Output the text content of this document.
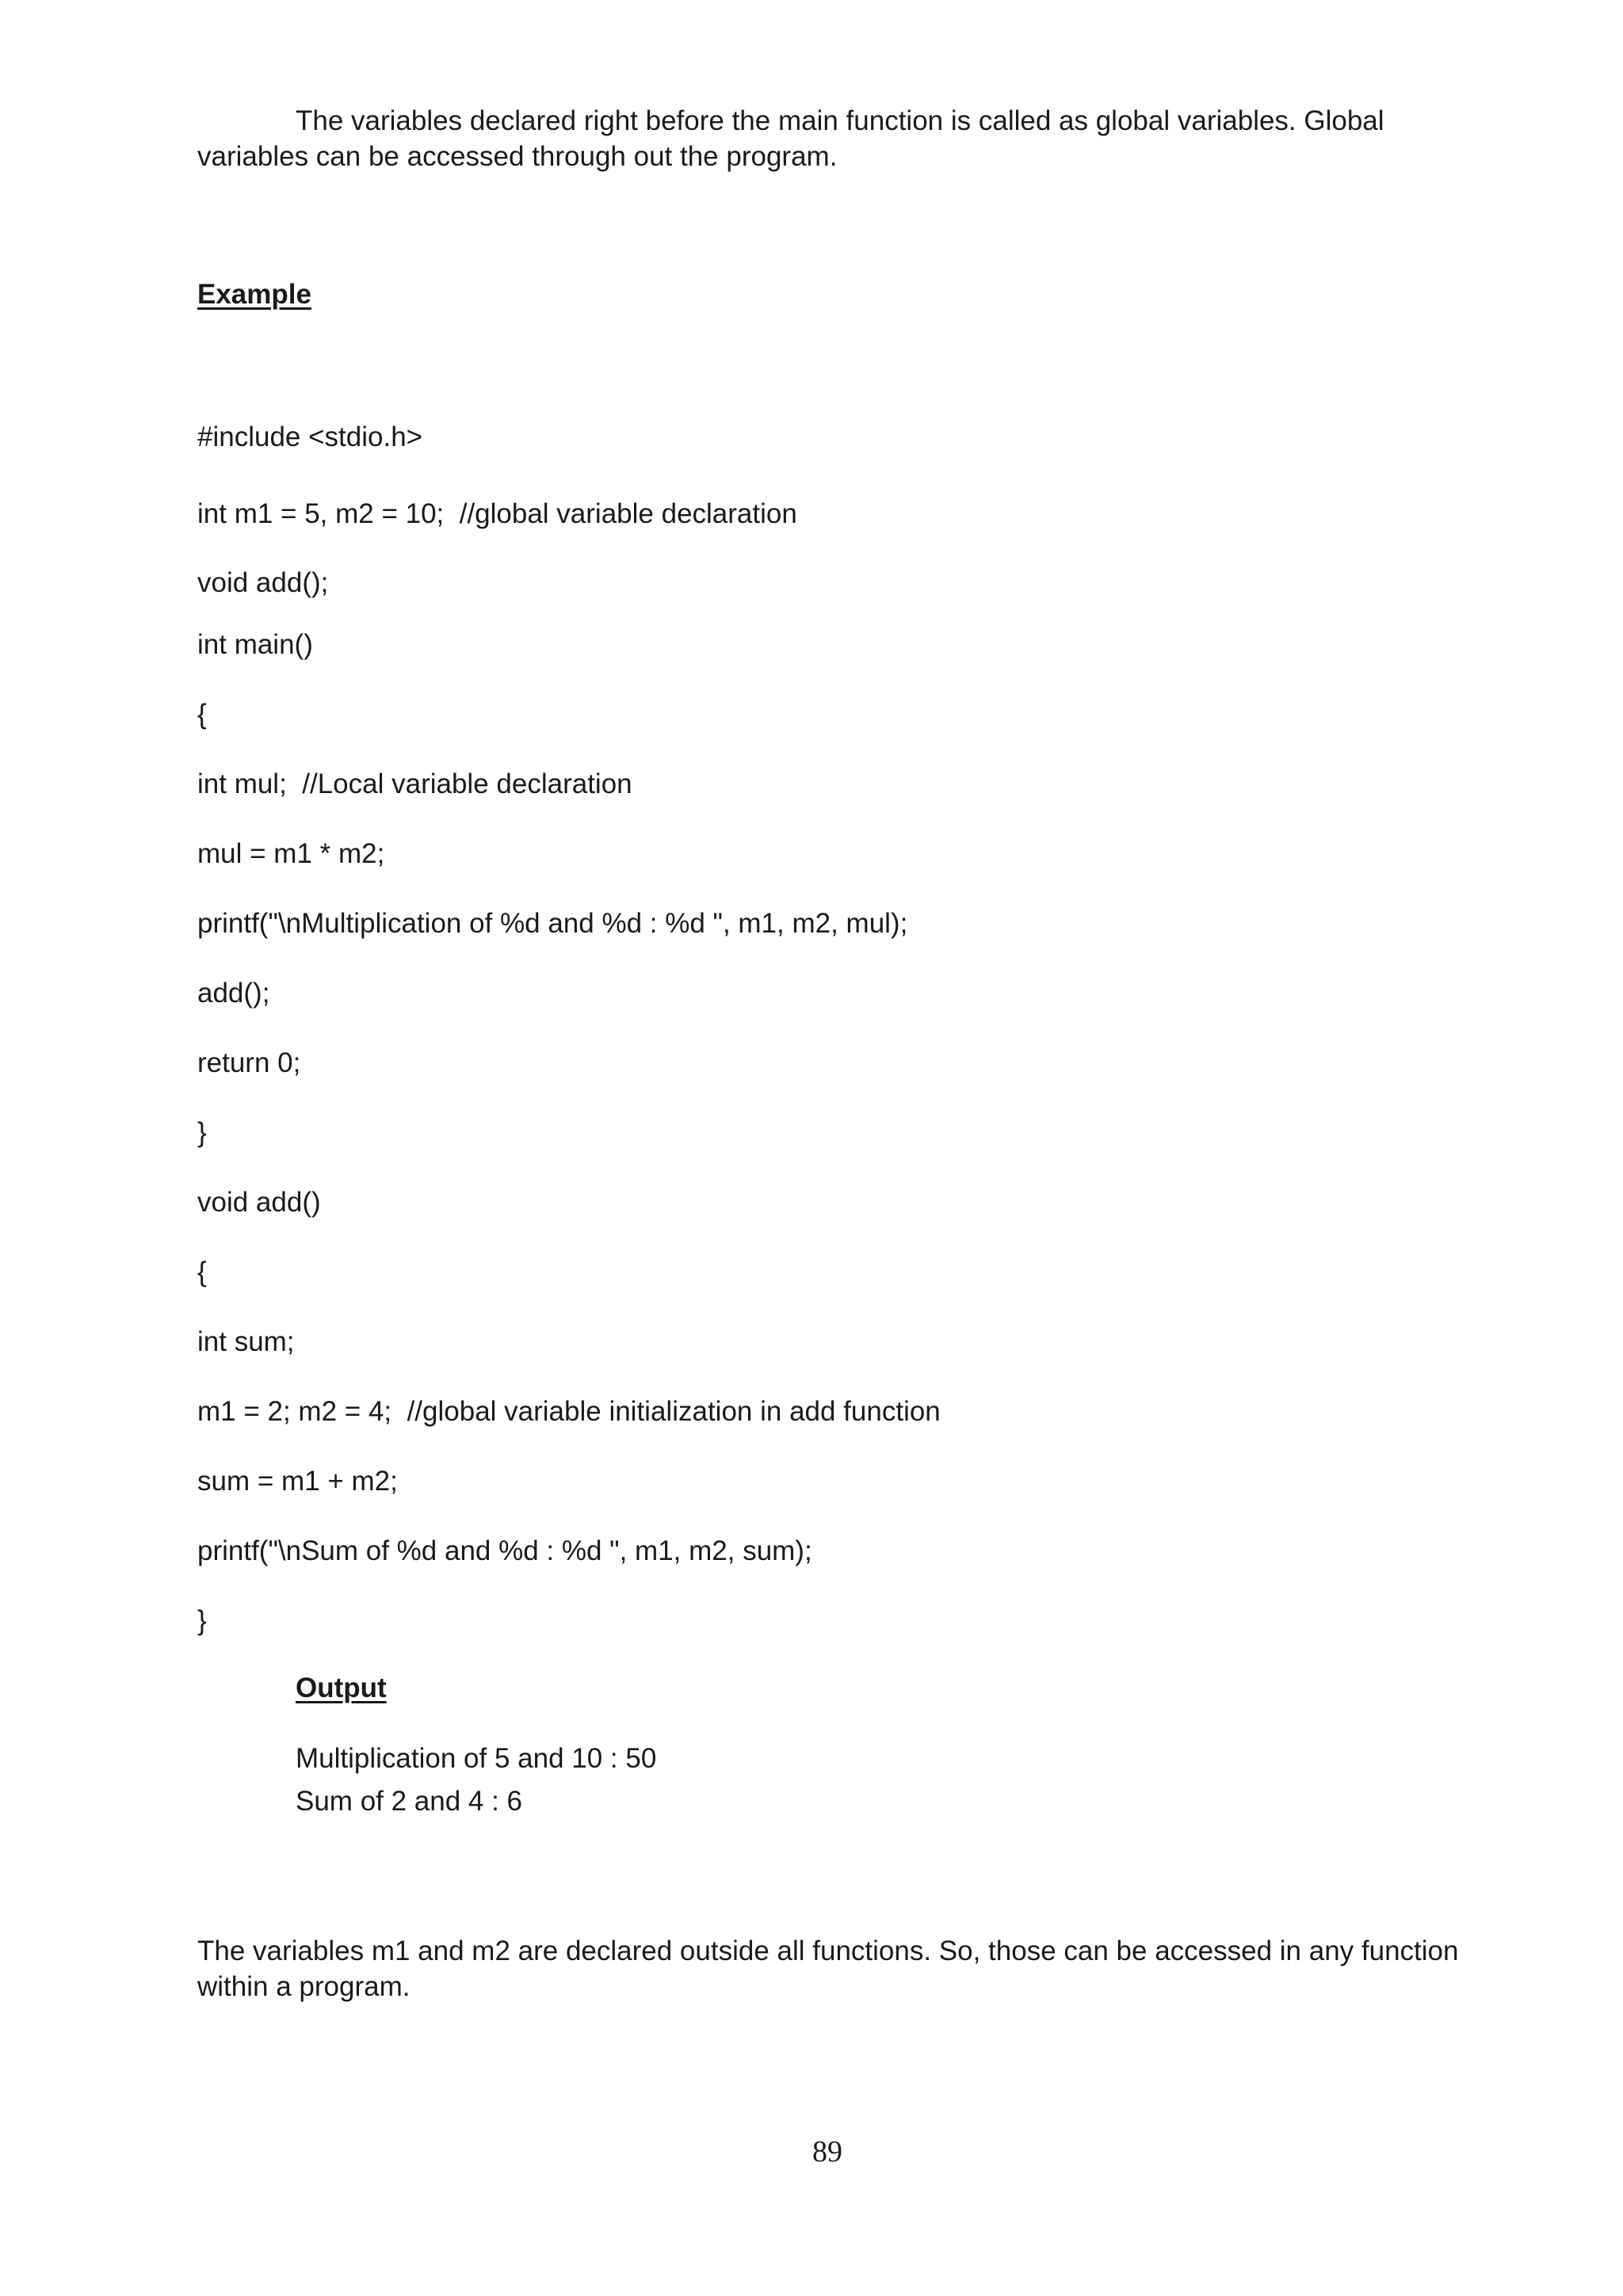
The variables declared right before the main function is called as global variables. Global variables can be accessed through out the program.

Example

#include <stdio.h>

int m1 = 5, m2 = 10;  //global variable declaration

void add();

int main()

{

int mul;  //Local variable declaration

mul = m1 * m2;

printf("\nMultiplication of %d and %d : %d ", m1, m2, mul);

add();

return 0;

}

void add()

{

int sum;

m1 = 2; m2 = 4;  //global variable initialization in add function

sum = m1 + m2;

printf("\nSum of %d and %d : %d ", m1, m2, sum);

}

Output

Multiplication of 5 and 10 : 50

Sum of 2 and 4 : 6

The variables m1 and m2 are declared outside all functions. So, those can be accessed in any function within a program.

89
